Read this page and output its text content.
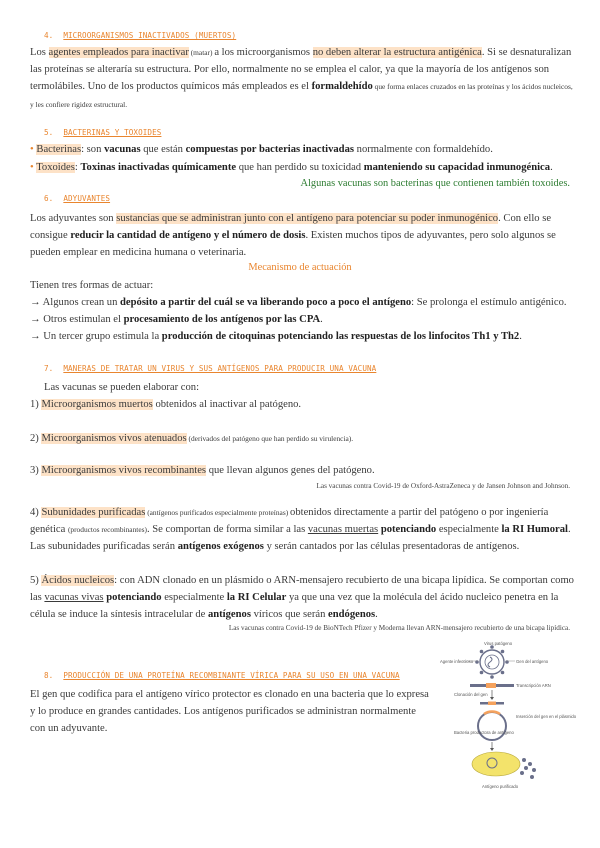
4. MICROORGANISMOS INACTIVADOS (MUERTOS)
Los agentes empleados para inactivar (matar) a los microorganismos no deben alterar la estructura antigénica. Si se desnaturalizan las proteínas se alteraría su estructura. Por ello, normalmente no se emplea el calor, ya que la mayoría de los antígenos son termolábiles. Uno de los productos químicos más empleados es el formaldehído que forma enlaces cruzados en las proteínas y los ácidos nucleicos, y les confiere rigidez estructural.
5. BACTERINAS Y TOXOIDES
• Bacterinas: son vacunas que están compuestas por bacterias inactivadas normalmente con formaldehído.
• Toxoides: Toxinas inactivadas químicamente que han perdido su toxicidad manteniendo su capacidad inmunogénica.
Algunas vacunas son bacterinas que contienen también toxoides.
6. ADYUVANTES
Los adyuvantes son sustancias que se administran junto con el antígeno para potenciar su poder inmunogénico. Con ello se consigue reducir la cantidad de antígeno y el número de dosis. Existen muchos tipos de adyuvantes, pero solo algunos se pueden emplear en medicina humana o veterinaria.
Mecanismo de actuación
Tienen tres formas de actuar:
→ Algunos crean un depósito a partir del cuál se va liberando poco a poco el antígeno: Se prolonga el estímulo antigénico.
→ Otros estimulan el procesamiento de los antígenos por las CPA.
→ Un tercer grupo estimula la producción de citoquinas potenciando las respuestas de los linfocitos Th1 y Th2.
7. MANERAS DE TRATAR UN VIRUS Y SUS ANTÍGENOS PARA PRODUCIR UNA VACUNA
Las vacunas se pueden elaborar con:
1) Microorganismos muertos obtenidos al inactivar al patógeno.
2) Microorganismos vivos atenuados (derivados del patógeno que han perdido su virulencia).
3) Microorganismos vivos recombinantes que llevan algunos genes del patógeno.
Las vacunas contra Covid-19 de Oxford-AstraZeneca y de Jansen Johnson and Johnson.
4) Subunidades purificadas (antígenos purificados especialmente proteínas) obtenidos directamente a partir del patógeno o por ingeniería genética (productos recombinantes). Se comportan de forma similar a las vacunas muertas potenciando especialmente la RI Humoral. Las subunidades purificadas serán antígenos exógenos y serán cantados por las células presentadoras de antígenos.
5) Ácidos nucleicos: con ADN clonado en un plásmido o ARN-mensajero recubierto de una bicapa lipídica. Se comportan como las vacunas vivas potenciando especialmente la RI Celular ya que una vez que la molécula del ácido nucleico penetra en la célula se induce la síntesis intracelular de antígenos víricos que serán endógenos.
Las vacunas contra Covid-19 de BioNTech Pfizer y Moderna llevan ARN-mensajero recubierto de una bicapa lipídica.
8. PRODUCCIÓN DE UNA PROTEÍNA RECOMBINANTE VÍRICA PARA SU USO EN UNA VACUNA
El gen que codifica para el antígeno vírico protector es clonado en una bacteria que lo expresa y lo produce en grandes cantidades. Los antígenos purificados se administran normalmente con un adyuvante.
Virus patógeno
Agente infeccioso	Gen del antígeno
Transcripción ARN
Clonación del gen
Inserción del gen en el plásmido
Bacteria productora de antígeno
Antígeno purificado
